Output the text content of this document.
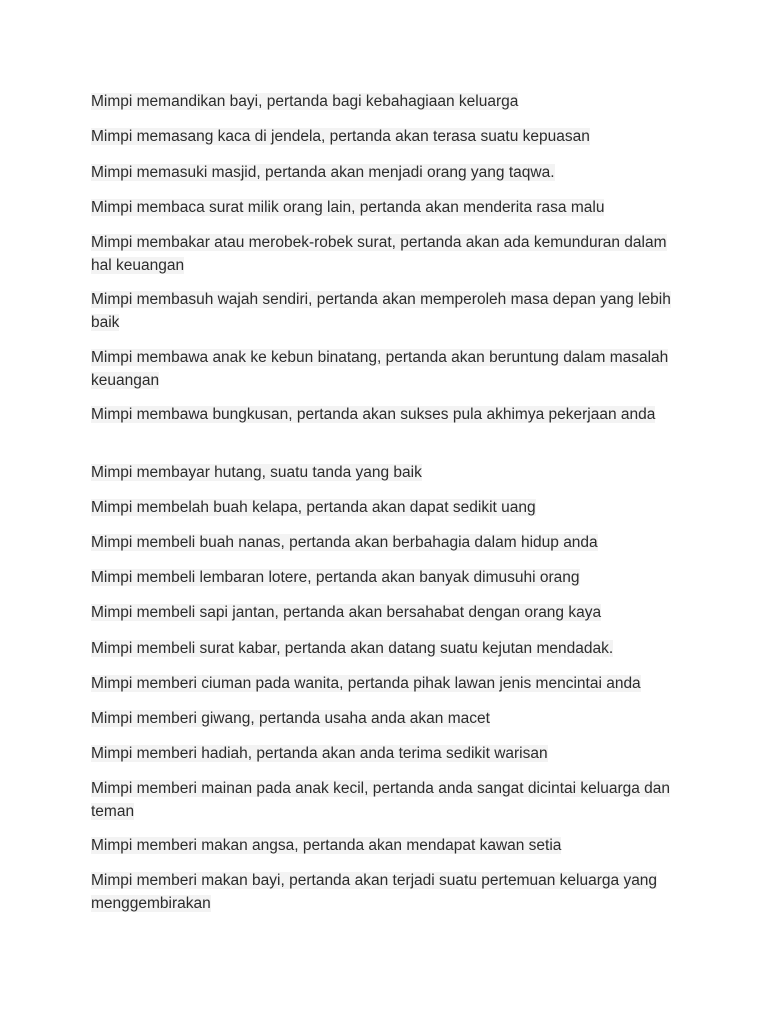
Mimpi memandikan bayi, pertanda bagi kebahagiaan keluarga

Mimpi memasang kaca di jendela, pertanda akan terasa suatu kepuasan

Mimpi memasuki masjid, pertanda akan menjadi orang yang taqwa.

Mimpi membaca surat milik orang lain, pertanda akan menderita rasa malu

Mimpi membakar atau merobek-robek surat, pertanda akan ada kemunduran dalam hal keuangan

Mimpi membasuh wajah sendiri, pertanda akan memperoleh masa depan yang lebih baik

Mimpi membawa anak ke kebun binatang, pertanda akan beruntung dalam masalah keuangan

Mimpi membawa bungkusan, pertanda akan sukses pula akhimya pekerjaan anda

Mimpi membayar hutang, suatu tanda yang baik

Mimpi membelah buah kelapa, pertanda akan dapat sedikit uang

Mimpi membeli buah nanas, pertanda akan berbahagia dalam hidup anda

Mimpi membeli lembaran lotere, pertanda akan banyak dimusuhi orang

Mimpi membeli sapi jantan, pertanda akan bersahabat dengan orang kaya

Mimpi membeli surat kabar, pertanda akan datang suatu kejutan mendadak.

Mimpi memberi ciuman pada wanita, pertanda pihak lawan jenis mencintai anda

Mimpi memberi giwang, pertanda usaha anda akan macet

Mimpi memberi hadiah, pertanda akan anda terima sedikit warisan

Mimpi memberi mainan pada anak kecil, pertanda anda sangat dicintai keluarga dan teman

Mimpi memberi makan angsa, pertanda akan mendapat kawan setia

Mimpi memberi makan bayi, pertanda akan terjadi suatu pertemuan keluarga yang menggembirakan
